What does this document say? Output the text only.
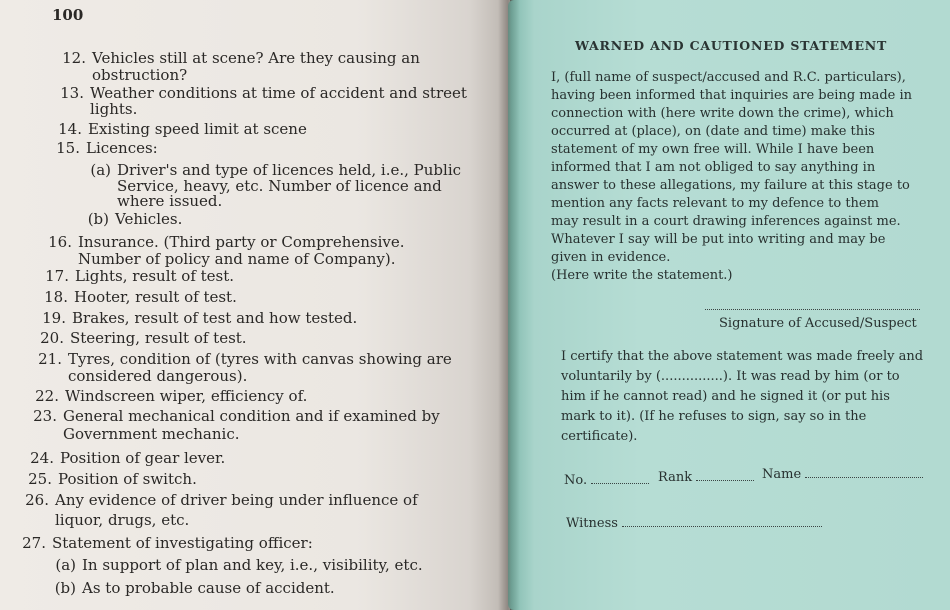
100
12. Vehicles still at scene? Are they causing an
obstruction?
13. Weather conditions at time of accident and street
lights.
14. Existing speed limit at scene
15. Licences:
(a) Driver's and type of licences held, i.e., Public
Service, heavy, etc. Number of licence and
where issued.
(b) Vehicles.
16. Insurance. (Third party or Comprehensive.
Number of policy and name of Company).
17. Lights, result of test.
18. Hooter, result of test.
19. Brakes, result of test and how tested.
20. Steering, result of test.
21. Tyres, condition of (tyres with canvas showing are
considered dangerous).
22. Windscreen wiper, efficiency of.
23. General mechanical condition and if examined by
Government mechanic.
24. Position of gear lever.
25. Position of switch.
26. Any evidence of driver being under influence of
liquor, drugs, etc.
27. Statement of investigating officer:
(a) In support of plan and key, i.e., visibility, etc.
(b) As to probable cause of accident.
WARNED AND CAUTIONED STATEMENT
I, (full name of suspect/accused and R.C. particulars),
having been informed that inquiries are being made in
connection with (here write down the crime), which
occurred at (place), on (date and time) make this
statement of my own free will. While I have been
informed that I am not obliged to say anything in
answer to these allegations, my failure at this stage to
mention any facts relevant to my defence to them
may result in a court drawing inferences against me.
Whatever I say will be put into writing and may be
given in evidence.
(Here write the statement.)
Signature of Accused/Suspect
I certify that the above statement was made freely and
voluntarily by (...............). It was read by him (or to
him if he cannot read) and he signed it (or put his
mark to it). (If he refuses to sign, say so in the
certificate).
No.	Rank	Name
Witness
